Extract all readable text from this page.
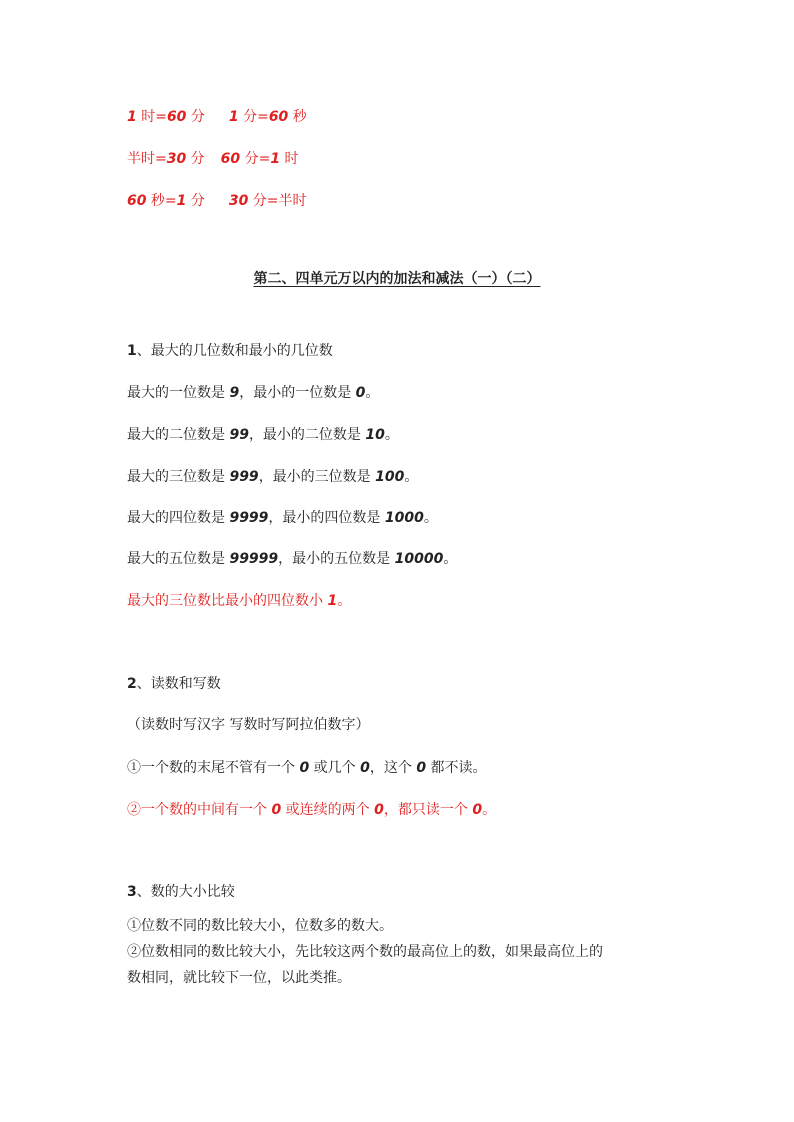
1 时=60 分 1 分=60 秒

半时=30 分 60 分=1 时

60 秒=1 分 30 分=半时

第二、四单元万以内的加法和减法（一）（二）

1、最大的几位数和最小的几位数

最大的一位数是 9，最小的一位数是 0。

最大的二位数是 99，最小的二位数是 10。

最大的三位数是 999，最小的三位数是 100。

最大的四位数是 9999，最小的四位数是 1000。

最大的五位数是 99999，最小的五位数是 10000。

最大的三位数比最小的四位数小 1。

2、读数和写数

（读数时写汉字 写数时写阿拉伯数字）

①一个数的末尾不管有一个 0 或几个 0，这个 0 都不读。

②一个数的中间有一个 0 或连续的两个 0，都只读一个 0。

3、数的大小比较

①位数不同的数比较大小，位数多的数大。

②位数相同的数比较大小，先比较这两个数的最高位上的数，如果最高位上的

数相同，就比较下一位，以此类推。
